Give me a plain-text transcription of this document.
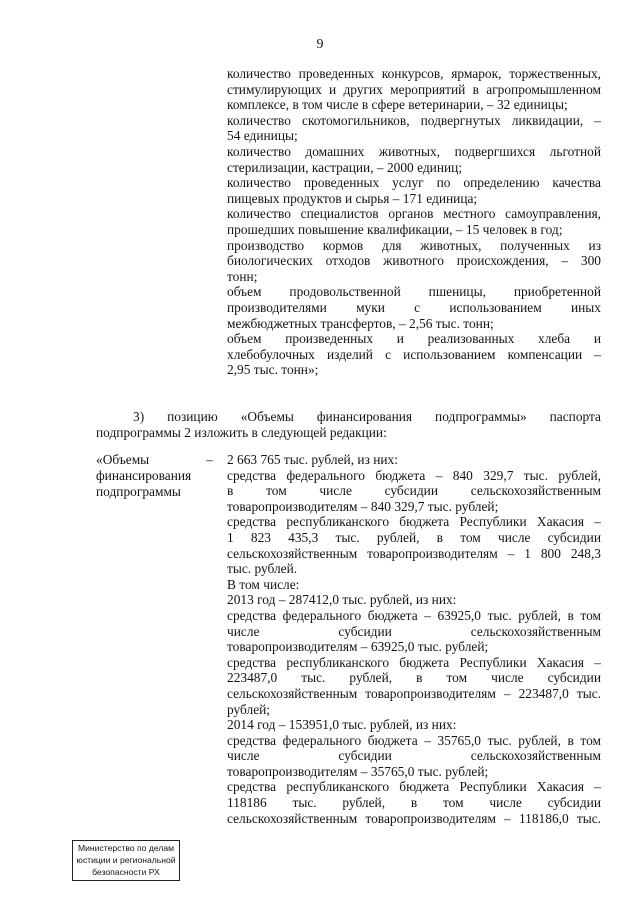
9
количество проведенных конкурсов, ярмарок, торжественных,
стимулирующих и других мероприятий в агропромышленном
комплексе, в том числе в сфере ветеринарии, – 32 единицы;
количество скотомогильников, подвергнутых ликвидации, –
54 единицы;
количество домашних животных, подвергшихся льготной
стерилизации, кастрации, – 2000 единиц;
количество проведенных услуг по определению качества
пищевых продуктов и сырья – 171 единица;
количество специалистов органов местного самоуправления,
прошедших повышение квалификации, – 15 человек в год;
производство кормов для животных, полученных из
биологических отходов животного происхождения, – 300
тонн;
объем продовольственной пшеницы, приобретенной
производителями муки с использованием иных
межбюджетных трансфертов, – 2,56 тыс. тонн;
объем произведенных и реализованных хлеба и
хлебобулочных изделий с использованием компенсации –
2,95 тыс. тонн»;
3) позицию «Объемы финансирования подпрограммы» паспорта
подпрограммы 2 изложить в следующей редакции:
«Объемы
финансирования
подпрограммы
– 2 663 765 тыс. рублей, из них:
средства федерального бюджета – 840 329,7 тыс. рублей,
в том числе субсидии сельскохозяйственным
товаропроизводителям – 840 329,7 тыс. рублей;
средства республиканского бюджета Республики Хакасия –
1 823 435,3 тыс. рублей, в том числе субсидии
сельскохозяйственным товаропроизводителям – 1 800 248,3
тыс. рублей.
В том числе:
2013 год – 287412,0 тыс. рублей, из них:
средства федерального бюджета – 63925,0 тыс. рублей, в том
числе субсидии сельскохозяйственным
товаропроизводителям – 63925,0 тыс. рублей;
средства республиканского бюджета Республики Хакасия –
223487,0 тыс. рублей, в том числе субсидии
сельскохозяйственным товаропроизводителям – 223487,0 тыс.
рублей;
2014 год – 153951,0 тыс. рублей, из них:
средства федерального бюджета – 35765,0 тыс. рублей, в том
числе субсидии сельскохозяйственным
товаропроизводителям – 35765,0 тыс. рублей;
средства республиканского бюджета Республики Хакасия –
118186 тыс. рублей, в том числе субсидии
сельскохозяйственным товаропроизводителям – 118186,0 тыс.
Министерство по делам
юстиции и региональной
безопасности РХ
